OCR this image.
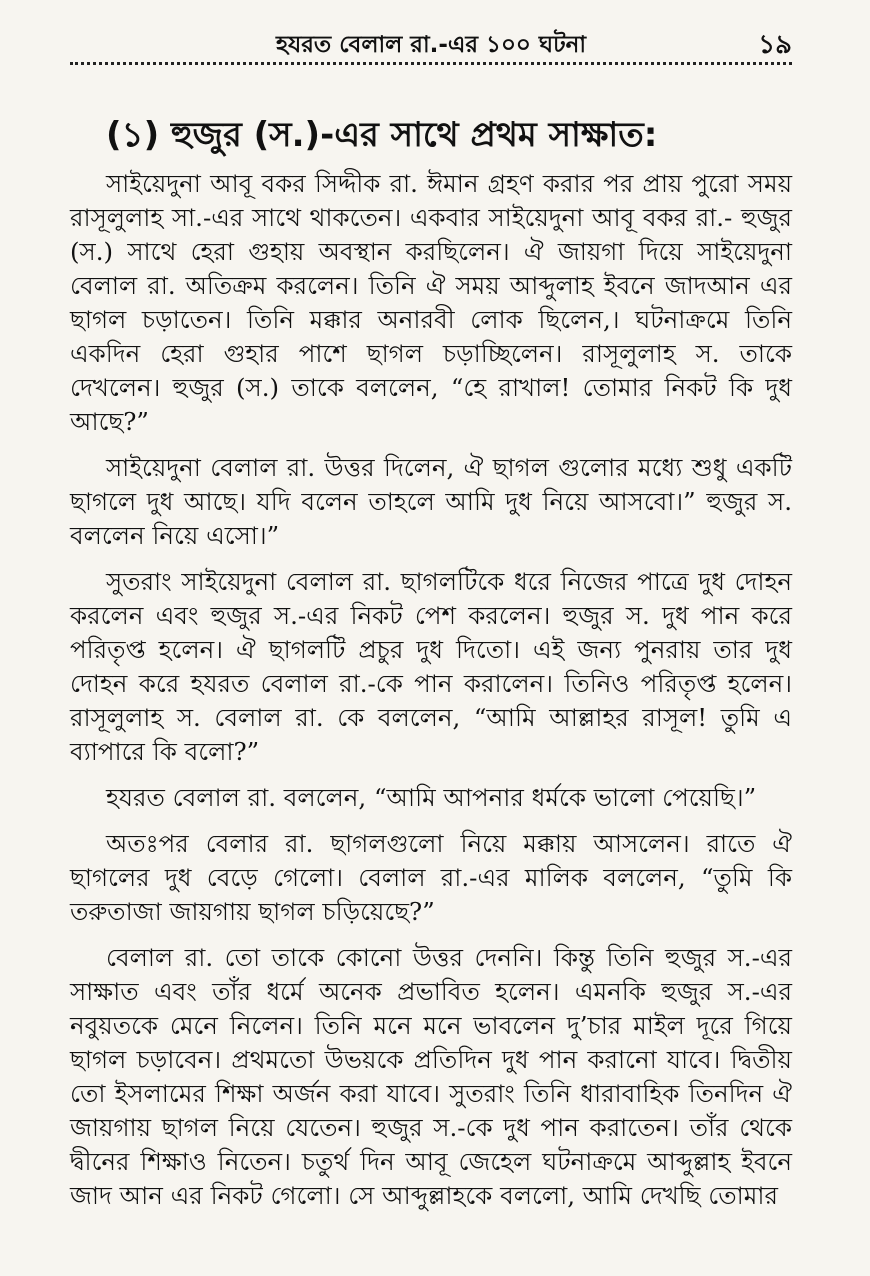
হযরত বেলাল রা.-এর ১০০ ঘটনা	১৯
(১) হুজুর (স.)-এর সাথে প্রথম সাক্ষাত:

সাইয়েদুনা আবূ বকর সিদ্দীক রা. ঈমান গ্রহণ করার পর প্রায় পুরো সময় রাসূলুলাহ সা.-এর সাথে থাকতেন। একবার সাইয়েদুনা আবূ বকর রা.- হুজুর (স.) সাথে হেরা গুহায় অবস্থান করছিলেন। ঐ জায়গা দিয়ে সাইয়েদুনা বেলাল রা. অতিক্রম করলেন। তিনি ঐ সময় আব্দুলাহ ইবনে জাদআন এর ছাগল চড়াতেন। তিনি মক্কার অনারবী লোক ছিলেন,। ঘটনাক্রমে তিনি একদিন হেরা গুহার পাশে ছাগল চড়াচ্ছিলেন। রাসূলুলাহ স. তাকে দেখলেন। হুজুর (স.) তাকে বললেন, “হে রাখাল! তোমার নিকট কি দুধ আছে?”

সাইয়েদুনা বেলাল রা. উত্তর দিলেন, ঐ ছাগল গুলোর মধ্যে শুধু একটি ছাগলে দুধ আছে। যদি বলেন তাহলে আমি দুধ নিয়ে আসবো।” হুজুর স. বললেন নিয়ে এসো।”

সুতরাং সাইয়েদুনা বেলাল রা. ছাগলটিকে ধরে নিজের পাত্রে দুধ দোহন করলেন এবং হুজুর স.-এর নিকট পেশ করলেন। হুজুর স. দুধ পান করে পরিতৃপ্ত হলেন। ঐ ছাগলটি প্রচুর দুধ দিতো। এই জন্য পুনরায় তার দুধ দোহন করে হযরত বেলাল রা.-কে পান করালেন। তিনিও পরিতৃপ্ত হলেন। রাসূলুলাহ স. বেলাল রা. কে বললেন, “আমি আল্লাহর রাসূল! তুমি এ ব্যাপারে কি বলো?”

হযরত বেলাল রা. বললেন, “আমি আপনার ধর্মকে ভালো পেয়েছি।”

অতঃপর বেলার রা. ছাগলগুলো নিয়ে মক্কায় আসলেন। রাতে ঐ ছাগলের দুধ বেড়ে গেলো। বেলাল রা.-এর মালিক বললেন, “তুমি কি তরুতাজা জায়গায় ছাগল চড়িয়েছে?”

বেলাল রা. তো তাকে কোনো উত্তর দেননি। কিন্তু তিনি হুজুর স.-এর সাক্ষাত এবং তাঁর ধর্মে অনেক প্রভাবিত হলেন। এমনকি হুজুর স.-এর নবুয়তকে মেনে নিলেন। তিনি মনে মনে ভাবলেন দু’চার মাইল দূরে গিয়ে ছাগল চড়াবেন। প্রথমতো উভয়কে প্রতিদিন দুধ পান করানো যাবে। দ্বিতীয় তো ইসলামের শিক্ষা অর্জন করা যাবে। সুতরাং তিনি ধারাবাহিক তিনদিন ঐ জায়গায় ছাগল নিয়ে যেতেন। হুজুর স.-কে দুধ পান করাতেন। তাঁর থেকে দ্বীনের শিক্ষাও নিতেন। চতুর্থ দিন আবূ জেহেল ঘটনাক্রমে আব্দুল্লাহ ইবনে জাদ আন এর নিকট গেলো। সে আব্দুল্লাহকে বললো, আমি দেখছি তোমার
